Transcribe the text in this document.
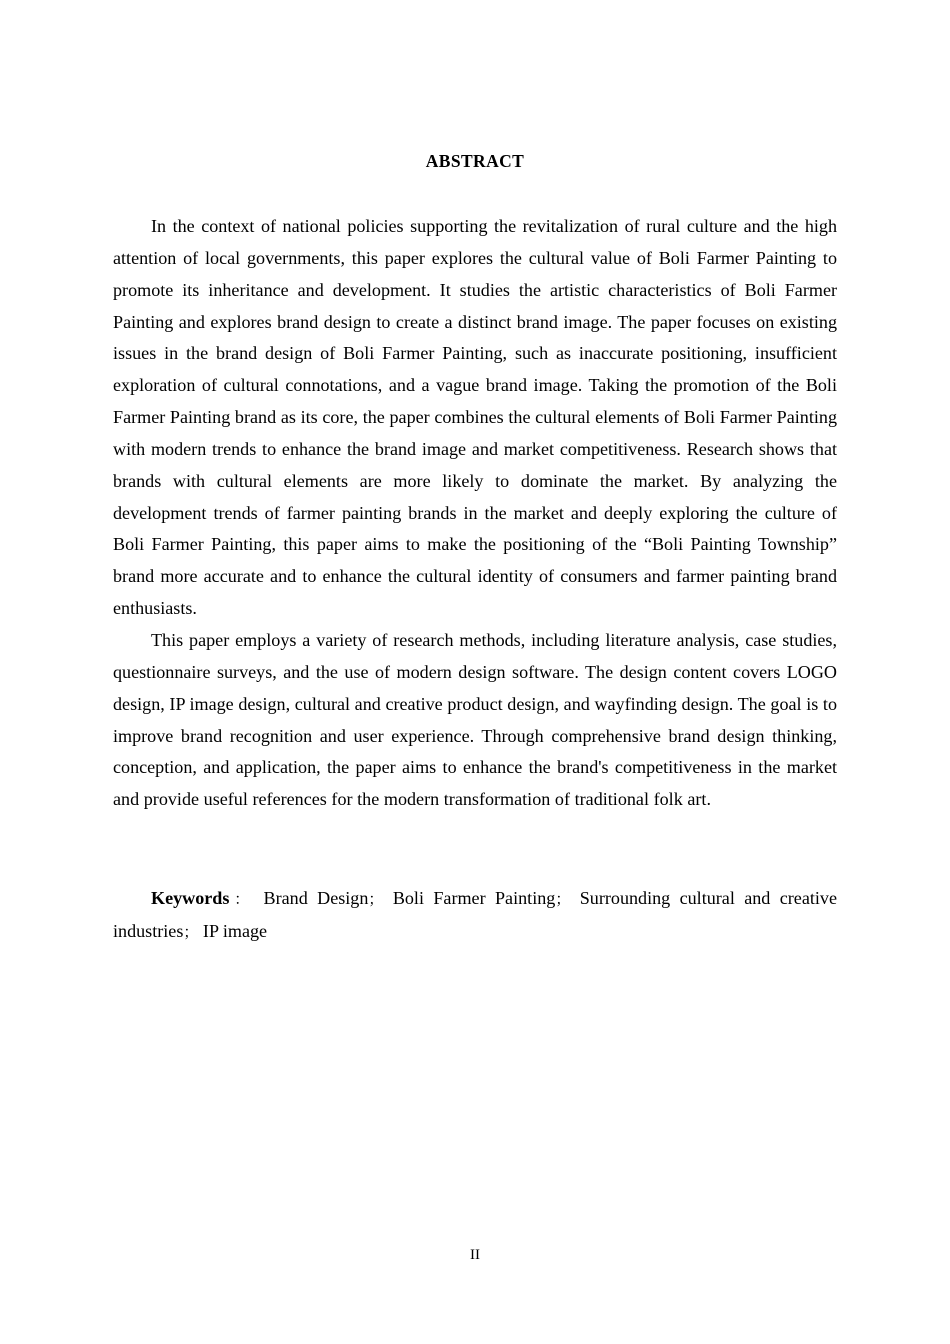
ABSTRACT

In the context of national policies supporting the revitalization of rural culture and the high attention of local governments, this paper explores the cultural value of Boli Farmer Painting to promote its inheritance and development. It studies the artistic characteristics of Boli Farmer Painting and explores brand design to create a distinct brand image. The paper focuses on existing issues in the brand design of Boli Farmer Painting, such as inaccurate positioning, insufficient exploration of cultural connotations, and a vague brand image. Taking the promotion of the Boli Farmer Painting brand as its core, the paper combines the cultural elements of Boli Farmer Painting with modern trends to enhance the brand image and market competitiveness. Research shows that brands with cultural elements are more likely to dominate the market. By analyzing the development trends of farmer painting brands in the market and deeply exploring the culture of Boli Farmer Painting, this paper aims to make the positioning of the “Boli Painting Township” brand more accurate and to enhance the cultural identity of consumers and farmer painting brand enthusiasts.

This paper employs a variety of research methods, including literature analysis, case studies, questionnaire surveys, and the use of modern design software. The design content covers LOGO design, IP image design, cultural and creative product design, and wayfinding design. The goal is to improve brand recognition and user experience. Through comprehensive brand design thinking, conception, and application, the paper aims to enhance the brand's competitiveness in the market and provide useful references for the modern transformation of traditional folk art.

Keywords： Brand Design； Boli Farmer Painting； Surrounding cultural and creative industries； IP image

II
